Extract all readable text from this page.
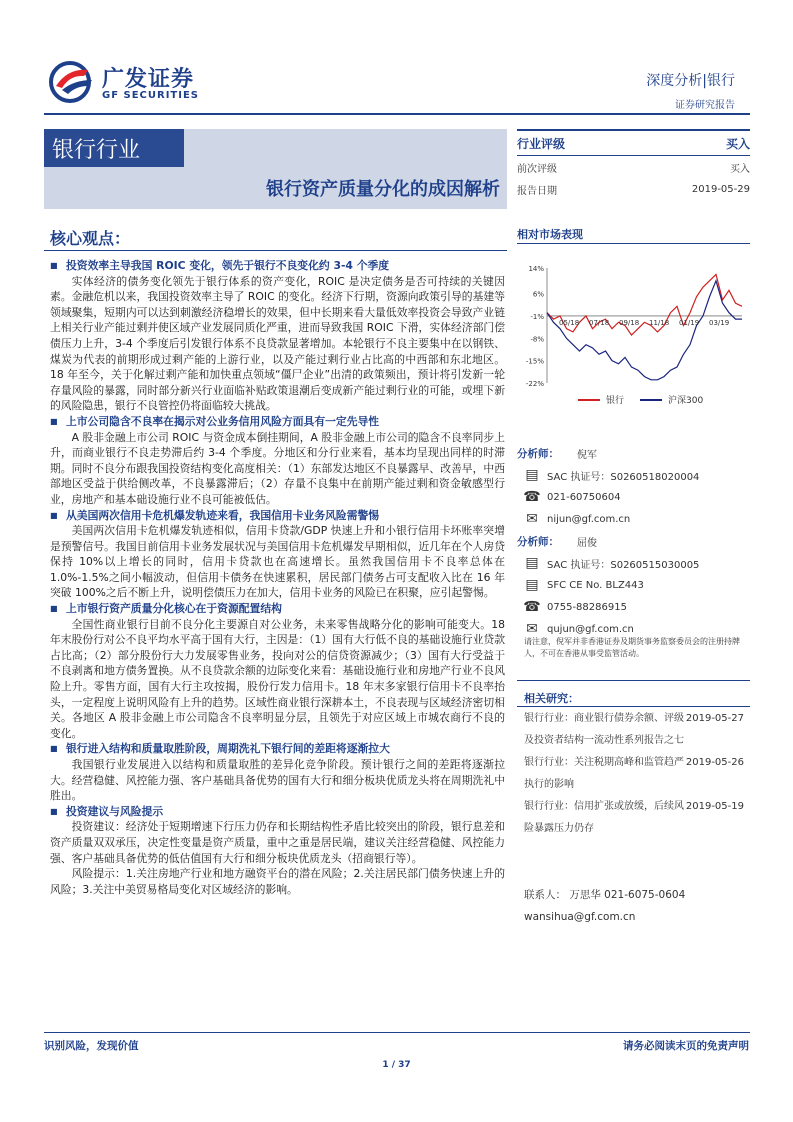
广发证券
GF SECURITIES
深度分析|银行
证券研究报告
银行行业
银行资产质量分化的成因解析
行业评级	买入
前次评级	买入
报告日期	2019-05-29
核心观点：
■ 投资效率主导我国 ROIC 变化，领先于银行不良变化约 3-4 个季度

实体经济的债务变化领先于银行体系的资产变化，ROIC 是决定债务是否可持续的关键因素。金融危机以来，我国投资效率主导了 ROIC 的变化。经济下行期，资源向政策引导的基建等领域聚集，短期内可以达到刺激经济稳增长的效果，但中长期来看大量低效率投资会导致产业链上相关行业产能过剩并使区域产业发展同质化严重，进而导致我国 ROIC 下滑，实体经济部门偿债压力上升，3-4 个季度后引发银行体系不良贷款显著增加。本轮银行不良主要集中在以钢铁、煤炭为代表的前期形成过剩产能的上游行业，以及产能过剩行业占比高的中西部和东北地区。18 年至今，关于化解过剩产能和加快重点领域“僵尸企业”出清的政策频出，预计将引发新一轮存量风险的暴露，同时部分新兴行业面临补贴政策退潮后变成新产能过剩行业的可能，或埋下新的风险隐患，银行不良管控仍将面临较大挑战。

■ 上市公司隐含不良率在揭示对公业务信用风险方面具有一定先导性

A 股非金融上市公司 ROIC 与资金成本倒挂期间，A 股非金融上市公司的隐含不良率同步上升，而商业银行不良走势滞后约 3-4 个季度。分地区和分行业来看，基本均呈现出同样的时滞期。同时不良分布跟我国投资结构变化高度相关：（1）东部发达地区不良暴露早、改善早，中西部地区受益于供给侧改革，不良暴露滞后；（2）存量不良集中在前期产能过剩和资金敏感型行业，房地产和基本础设施行业不良可能被低估。

■ 从美国两次信用卡危机爆发轨迹来看，我国信用卡业务风险需警惕

美国两次信用卡危机爆发轨迹相似，信用卡贷款/GDP 快速上升和小银行信用卡坏账率突增是预警信号。我国目前信用卡业务发展状况与美国信用卡危机爆发早期相似，近几年在个人房贷保持 10%以上增长的同时，信用卡贷款也在高速增长。虽然我国信用卡不良率总体在 1.0%-1.5%之间小幅波动，但信用卡债务在快速累积，居民部门债务占可支配收入比在 16 年突破 100%之后不断上升，说明偿债压力在加大，信用卡业务的风险已在积聚，应引起警惕。

■ 上市银行资产质量分化核心在于资源配置结构

全国性商业银行目前不良分化主要源自对公业务，未来零售战略分化的影响可能变大。18 年末股份行对公不良平均水平高于国有大行，主因是：（1）国有大行低不良的基础设施行业贷款占比高；（2）部分股份行大力发展零售业务，投向对公的信贷资源减少；（3）国有大行受益于不良剥离和地方债务置换。从不良贷款余额的边际变化来看：基础设施行业和房地产行业不良风险上升。零售方面，国有大行主攻按揭，股份行发力信用卡。18 年末多家银行信用卡不良率抬头，一定程度上说明风险有上升的趋势。区域性商业银行深耕本土，不良表现与区域经济密切相关。各地区 A 股非金融上市公司隐含不良率明显分层，且领先于对应区域上市城农商行不良的变化。

■ 银行进入结构和质量取胜阶段，周期洗礼下银行间的差距将逐渐拉大

我国银行业发展进入以结构和质量取胜的差异化竞争阶段。预计银行之间的差距将逐渐拉大。经营稳健、风控能力强、客户基础具备优势的国有大行和细分板块优质龙头将在周期洗礼中胜出。

■ 投资建议与风险提示

投资建议：经济处于短期增速下行压力仍存和长期结构性矛盾比较突出的阶段，银行息差和资产质量双双承压，决定性变量是资产质量，重中之重是居民端，建议关注经营稳健、风控能力强、客户基础具备优势的低估值国有大行和细分板块优质龙头（招商银行等）。

风险提示：1.关注房地产行业和地方融资平台的潜在风险；2.关注居民部门债务快速上升的风险；3.关注中美贸易格局变化对区域经济的影响。

相对市场表现
14%
6%
-1%
-8%
-15%
-22%
05/18 07/18 09/18 11/18 01/19 03/19
银行	沪深300
分析师：	倪军
▤ SAC 执证号：S0260518020004
☎ 021-60750604
✉ nijun@gf.com.cn
分析师：	屈俊
▤ SAC 执证号：S0260515030005
▤ SFC CE No. BLZ443
☎ 0755-88286915
✉ qujun@gf.com.cn
请注意，倪军并非香港证券及期货事务监察委员会的注册持牌人，不可在香港从事受监管活动。
相关研究：
银行行业：商业银行债券余额、评级及投资者结构一流动性系列报告之七
2019-05-27
银行行业：关注税期高峰和监管趋严执行的影响
2019-05-26
银行行业：信用扩张或放缓，后续风险暴露压力仍存
2019-05-19
联系人： 万思华 021-6075-0604
wansihua@gf.com.cn
识别风险，发现价值	请务必阅读末页的免责声明
1 / 37
